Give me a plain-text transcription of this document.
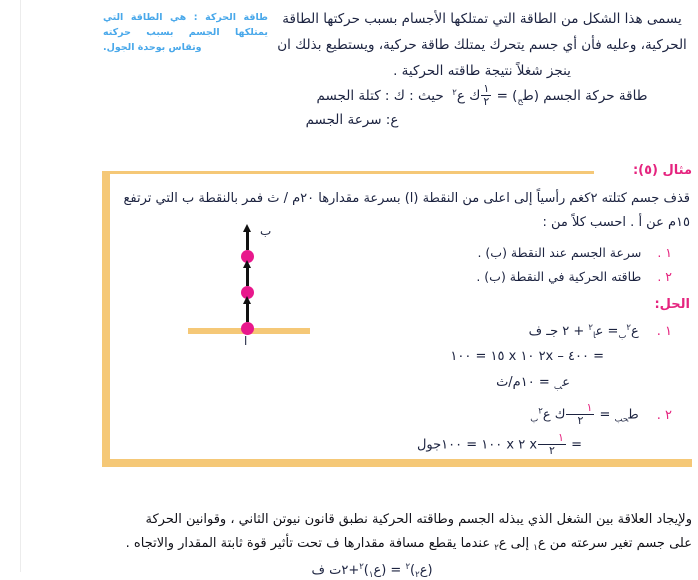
يسمى هذا الشكل من الطاقة التي تمتلكها الأجسام بسبب حركتها الطاقة
الحركية، وعليه فأن أي جسم يتحرك يمتلك طاقة حركية، ويستطيع بذلك ان
ينجز شغلاً نتيجة طاقته الحركية .
طاقة الحركة : هي الطاقة التي يمتلكها الجسم بسبب حركته وتقاس بوحدة الجول.
طاقة حركة الجسم (ط$_ح$) =
$\frac{١}{٢}$
ك ع$^٢$  حيث : ك : كتلة الجسم
ع: سرعة الجسم
مثال (٥):
قذف جسم كتلته ٢كغم رأسياً إلى اعلى من النقطة (ا) بسرعة مقدارها ٢٠م / ث فمر بالنقطة ب التي ترتفع
١٥م عن أ . احسب كلاً من :
١ .سرعة الجسم عند النقطة (ب) .
٢ .طاقته الحركية في النقطة (ب) .
الحل:
١ .ع$^٢_ب$= ع$_ا^٢$ + ٢ جـ ف
= ٤٠٠ – ٢x ١٠ x ١٥ = ١٠٠
ع$_ب$ = ١٠م/ث
٢ .ط$_{حب}$ =
$\frac{١}{٢}$
ك ع$^٢_ب$
=
$\frac{١}{٢}$
x ٢ x ١٠٠ = ١٠٠جول
ب
ا
ولإيجاد العلاقة بين الشغل الذي يبذله الجسم وطاقته الحركية نطبق قانون نيوتن الثاني ، وقوانين الحركة
على جسم تغير سرعته من ع$_١$ إلى ع$_٢$ عندما يقطع مسافة مقدارها ف تحت تأثير قوة ثابتة المقدار والاتجاه .
(ع$_٢$)$^٢$ = (ع$_١$)$^٢$+٢ت ف
